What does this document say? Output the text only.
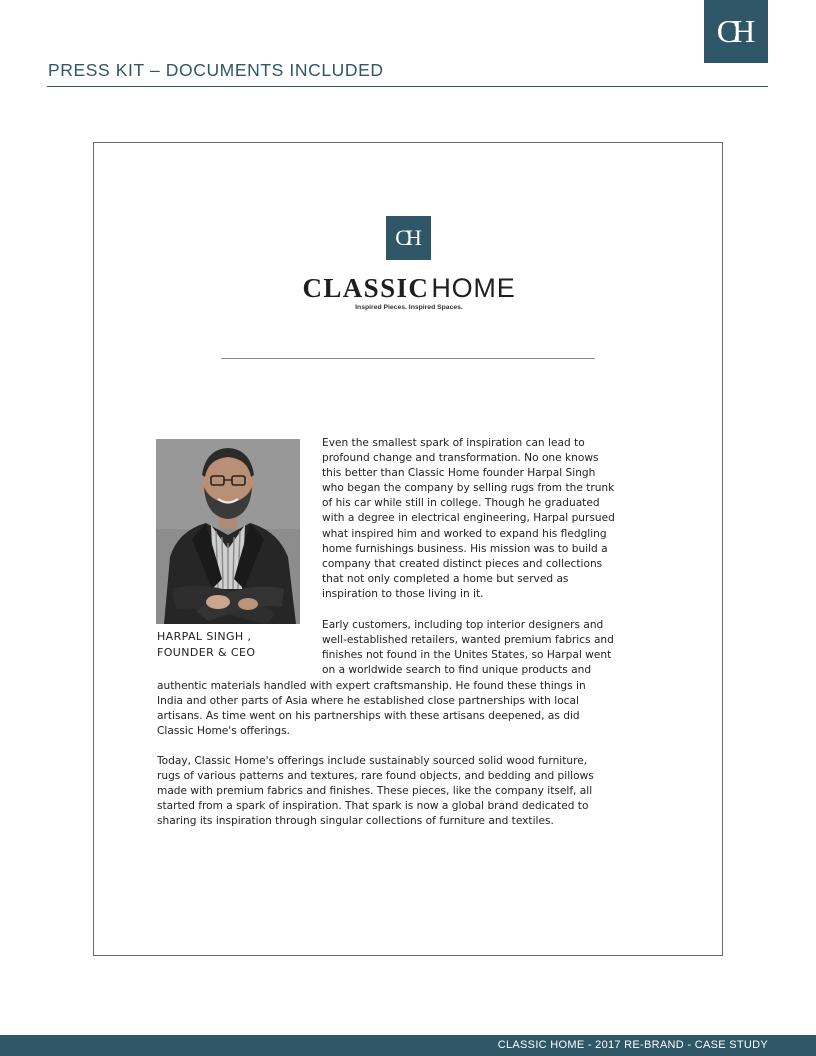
CH
PRESS KIT – DOCUMENTS INCLUDED
CH
CLASSIC HOME
Inspired Pieces. Inspired Spaces.
HARPAL SINGH ,
FOUNDER & CEO
Even the smallest spark of inspiration can lead to
profound change and transformation. No one knows
this better than Classic Home founder Harpal Singh
who began the company by selling rugs from the trunk
of his car while still in college. Though he graduated
with a degree in electrical engineering, Harpal pursued
what inspired him and worked to expand his fledgling
home furnishings business. His mission was to build a
company that created distinct pieces and collections
that not only completed a home but served as
inspiration to those living in it.
Early customers, including top interior designers and
well-established retailers, wanted premium fabrics and
finishes not found in the Unites States, so Harpal went
on a worldwide search to find unique products and
authentic materials handled with expert craftsmanship. He found these things in
India and other parts of Asia where he established close partnerships with local
artisans. As time went on his partnerships with these artisans deepened, as did
Classic Home's offerings.
Today, Classic Home's offerings include sustainably sourced solid wood furniture,
rugs of various patterns and textures, rare found objects, and bedding and pillows
made with premium fabrics and finishes. These pieces, like the company itself, all
started from a spark of inspiration. That spark is now a global brand dedicated to
sharing its inspiration through singular collections of furniture and textiles.
CLASSIC HOME - 2017 RE-BRAND - CASE STUDY
